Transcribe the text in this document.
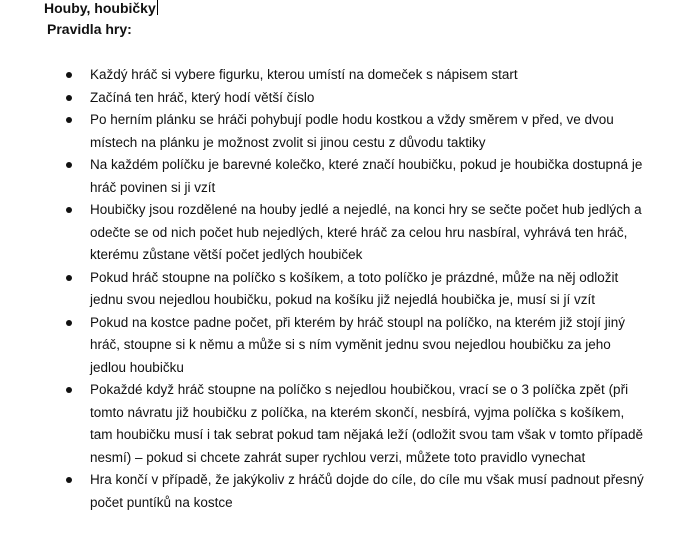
Houby, houbičky
Pravidla hry:
Každý hráč si vybere figurku, kterou umístí na domeček s nápisem start
Začíná ten hráč, který hodí větší číslo
Po herním plánku se hráči pohybují podle hodu kostkou a vždy směrem v před, ve dvou místech na plánku je možnost zvolit si jinou cestu z důvodu taktiky
Na každém políčku je barevné kolečko, které značí houbičku, pokud je houbička dostupná je hráč povinen si ji vzít
Houbičky jsou rozdělené na houby jedlé a nejedlé, na konci hry se sečte počet hub jedlých a odečte se od nich počet hub nejedlých, které hráč za celou hru nasbíral, vyhrává ten hráč, kterému zůstane větší počet jedlých houbiček
Pokud hráč stoupne na políčko s košíkem, a toto políčko je prázdné, může na něj odložit jednu svou nejedlou houbičku, pokud na košíku již nejedlá houbička je, musí si jí vzít
Pokud na kostce padne počet, při kterém by hráč stoupl na políčko, na kterém již stojí jiný hráč, stoupne si k němu a může si s ním vyměnit jednu svou nejedlou houbičku za jeho jedlou houbičku
Pokaždé když hráč stoupne na políčko s nejedlou houbičkou, vrací se o 3 políčka zpět (při tomto návratu již houbičku z políčka, na kterém skončí, nesbírá, vyjma políčka s košíkem, tam houbičku musí i tak sebrat pokud tam nějaká leží (odložit svou tam však v tomto případě nesmí) – pokud si chcete zahrát super rychlou verzi, můžete toto pravidlo vynechat
Hra končí v případě, že jakýkoliv z hráčů dojde do cíle, do cíle mu však musí padnout přesný počet puntíků na kostce
